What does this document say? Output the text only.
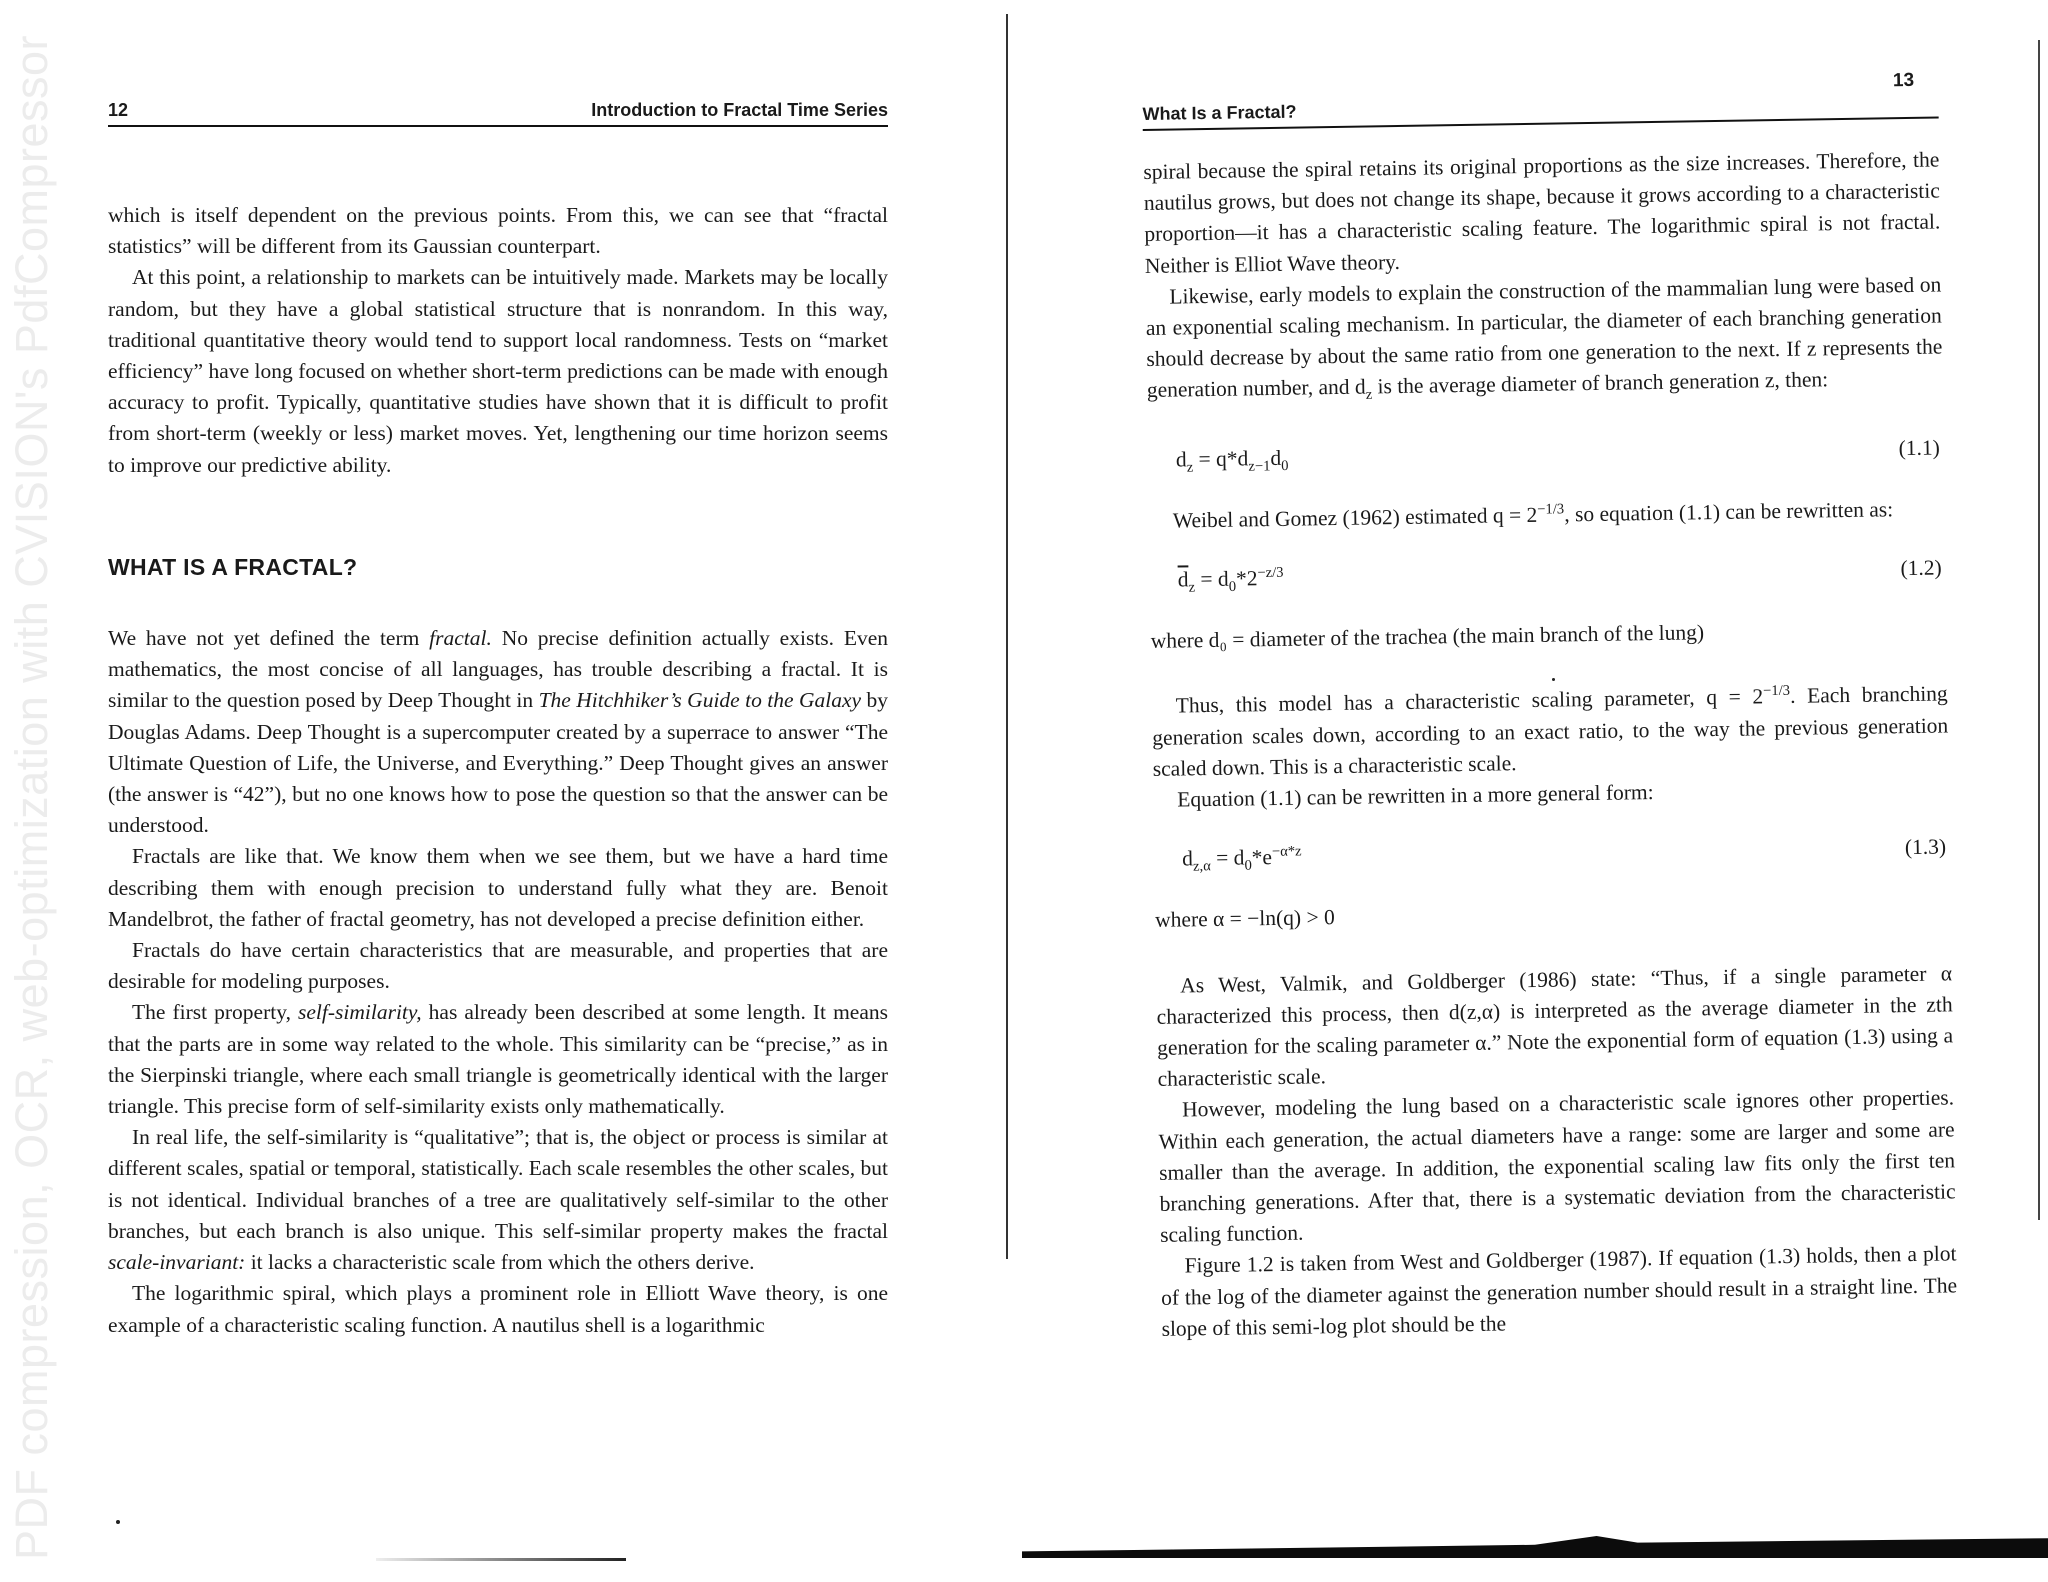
PDF compression, OCR, web-optimization with CVISION's PdfCompressor	12	Introduction to Fractal Time Series

which is itself dependent on the previous points. From this, we can see that “fractal statistics” will be different from its Gaussian counterpart.

At this point, a relationship to markets can be intuitively made. Markets may be locally random, but they have a global statistical structure that is nonrandom. In this way, traditional quantitative theory would tend to support local randomness. Tests on “market efficiency” have long focused on whether short-term predictions can be made with enough accuracy to profit. Typically, quantitative studies have shown that it is difficult to profit from short-term (weekly or less) market moves. Yet, lengthening our time horizon seems to improve our predictive ability.

WHAT IS A FRACTAL?

We have not yet defined the term fractal. No precise definition actually exists. Even mathematics, the most concise of all languages, has trouble describing a fractal. It is similar to the question posed by Deep Thought in The Hitchhiker’s Guide to the Galaxy by Douglas Adams. Deep Thought is a supercomputer created by a superrace to answer “The Ultimate Question of Life, the Universe, and Everything.” Deep Thought gives an answer (the answer is “42”), but no one knows how to pose the question so that the answer can be understood.

Fractals are like that. We know them when we see them, but we have a hard time describing them with enough precision to understand fully what they are. Benoit Mandelbrot, the father of fractal geometry, has not developed a precise definition either.

Fractals do have certain characteristics that are measurable, and properties that are desirable for modeling purposes.

The first property, self-similarity, has already been described at some length. It means that the parts are in some way related to the whole. This similarity can be “precise,” as in the Sierpinski triangle, where each small triangle is geometrically identical with the larger triangle. This precise form of self-similarity exists only mathematically.

In real life, the self-similarity is “qualitative”; that is, the object or process is similar at different scales, spatial or temporal, statistically. Each scale resembles the other scales, but is not identical. Individual branches of a tree are qualitatively self-similar to the other branches, but each branch is also unique. This self-similar property makes the fractal scale-invariant: it lacks a characteristic scale from which the others derive.

The logarithmic spiral, which plays a prominent role in Elliott Wave theory, is one example of a characteristic scaling function. A nautilus shell is a logarithmic

13
What Is a Fractal?

spiral because the spiral retains its original proportions as the size increases. Therefore, the nautilus grows, but does not change its shape, because it grows according to a characteristic proportion—it has a characteristic scaling feature. The logarithmic spiral is not fractal. Neither is Elliot Wave theory.

Likewise, early models to explain the construction of the mammalian lung were based on an exponential scaling mechanism. In particular, the diameter of each branching generation should decrease by about the same ratio from one generation to the next. If z represents the generation number, and $d_z$ is the average diameter of branch generation z, then:

$d_z = q*d_{z-1}d_0$
(1.1)

Weibel and Gomez (1962) estimated $q = 2^{-1/3}$, so equation (1.1) can be rewritten as:

$\overline{d}_z = d_0*2^{-z/3}$	(1.2)

where d₀ = diameter of the trachea (the main branch of the lung)

Thus, this model has a characteristic scaling parameter, $q = 2^{-1/3}$. Each branching generation scales down, according to an exact ratio, to the way the previous generation scaled down. This is a characteristic scale.

Equation (1.1) can be rewritten in a more general form:

$d_{z,\alpha} = d_0*e^{-\alpha*z}$	(1.3)

where α = −ln(q) > 0

As West, Valmik, and Goldberger (1986) state: “Thus, if a single parameter α characterized this process, then d(z,α) is interpreted as the average diameter in the zth generation for the scaling parameter α.” Note the exponential form of equation (1.3) using a characteristic scale.

However, modeling the lung based on a characteristic scale ignores other properties. Within each generation, the actual diameters have a range: some are larger and some are smaller than the average. In addition, the exponential scaling law fits only the first ten branching generations. After that, there is a systematic deviation from the characteristic scaling function.

Figure 1.2 is taken from West and Goldberger (1987). If equation (1.3) holds, then a plot of the log of the diameter against the generation number should result in a straight line. The slope of this semi-log plot should be the
